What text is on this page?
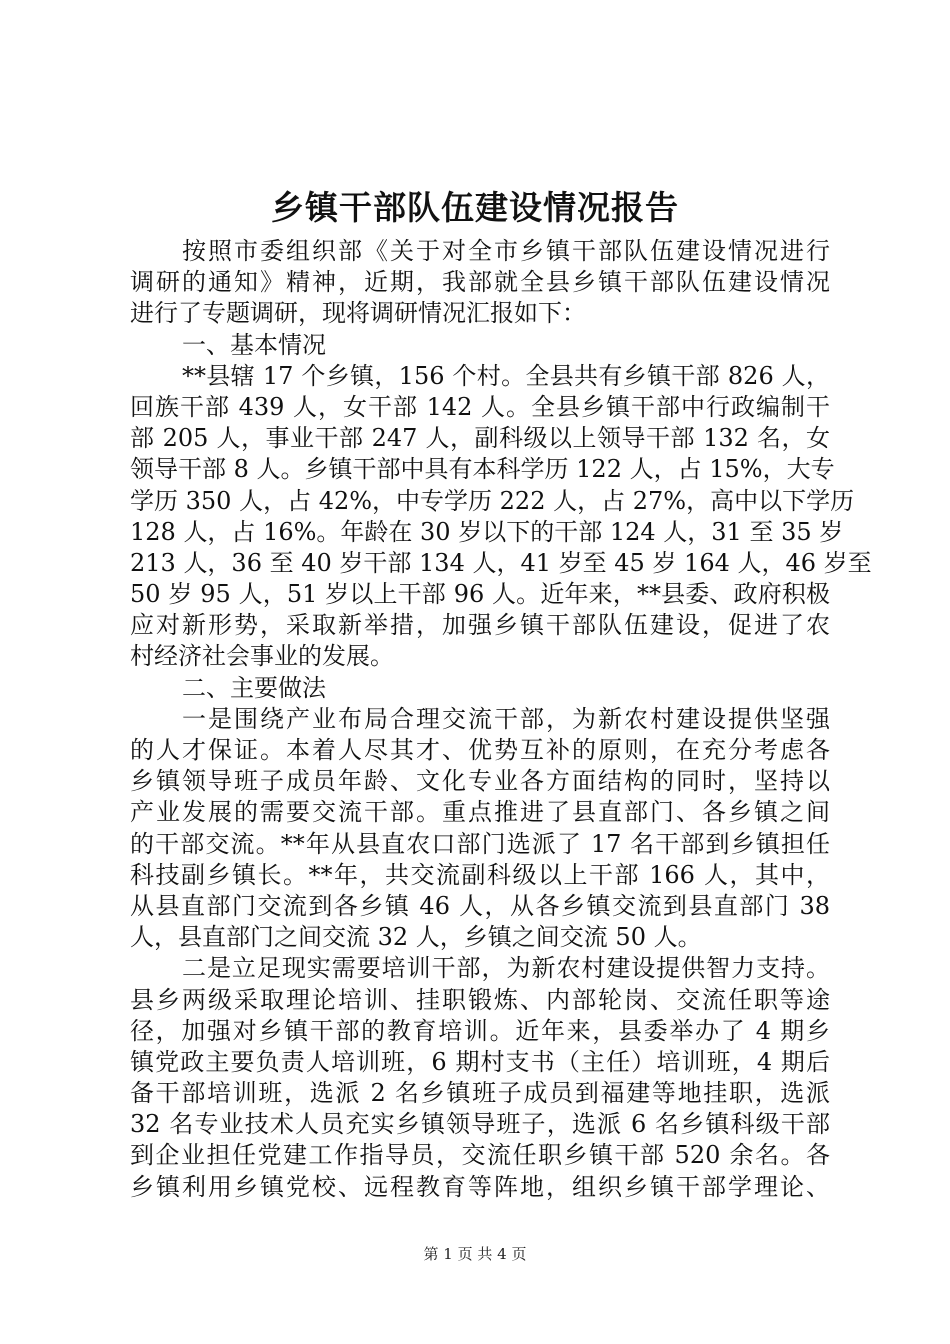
乡镇干部队伍建设情况报告
按照市委组织部《关于对全市乡镇干部队伍建设情况进行
调研的通知》精神，近期，我部就全县乡镇干部队伍建设情况
进行了专题调研，现将调研情况汇报如下：
一、基本情况
**县辖 17 个乡镇，156 个村。全县共有乡镇干部 826 人，
回族干部 439 人，女干部 142 人。全县乡镇干部中行政编制干
部 205 人，事业干部 247 人，副科级以上领导干部 132 名，女
领导干部 8 人。乡镇干部中具有本科学历 122 人，占 15%，大专
学历 350 人，占 42%，中专学历 222 人，占 27%，高中以下学历
128 人，占 16%。年龄在 30 岁以下的干部 124 人，31 至 35 岁
213 人，36 至 40 岁干部 134 人，41 岁至 45 岁 164 人，46 岁至
50 岁 95 人，51 岁以上干部 96 人。近年来，**县委、政府积极
应对新形势，采取新举措，加强乡镇干部队伍建设，促进了农
村经济社会事业的发展。
二、主要做法
一是围绕产业布局合理交流干部，为新农村建设提供坚强
的人才保证。本着人尽其才、优势互补的原则，在充分考虑各
乡镇领导班子成员年龄、文化专业各方面结构的同时，坚持以
产业发展的需要交流干部。重点推进了县直部门、各乡镇之间
的干部交流。**年从县直农口部门选派了 17 名干部到乡镇担任
科技副乡镇长。**年，共交流副科级以上干部 166 人，其中，
从县直部门交流到各乡镇 46 人，从各乡镇交流到县直部门 38
人，县直部门之间交流 32 人，乡镇之间交流 50 人。
二是立足现实需要培训干部，为新农村建设提供智力支持。
县乡两级采取理论培训、挂职锻炼、内部轮岗、交流任职等途
径，加强对乡镇干部的教育培训。近年来，县委举办了 4 期乡
镇党政主要负责人培训班，6 期村支书（主任）培训班，4 期后
备干部培训班，选派 2 名乡镇班子成员到福建等地挂职，选派
32 名专业技术人员充实乡镇领导班子，选派 6 名乡镇科级干部
到企业担任党建工作指导员，交流任职乡镇干部 520 余名。各
乡镇利用乡镇党校、远程教育等阵地，组织乡镇干部学理论、
第 1 页 共 4 页
